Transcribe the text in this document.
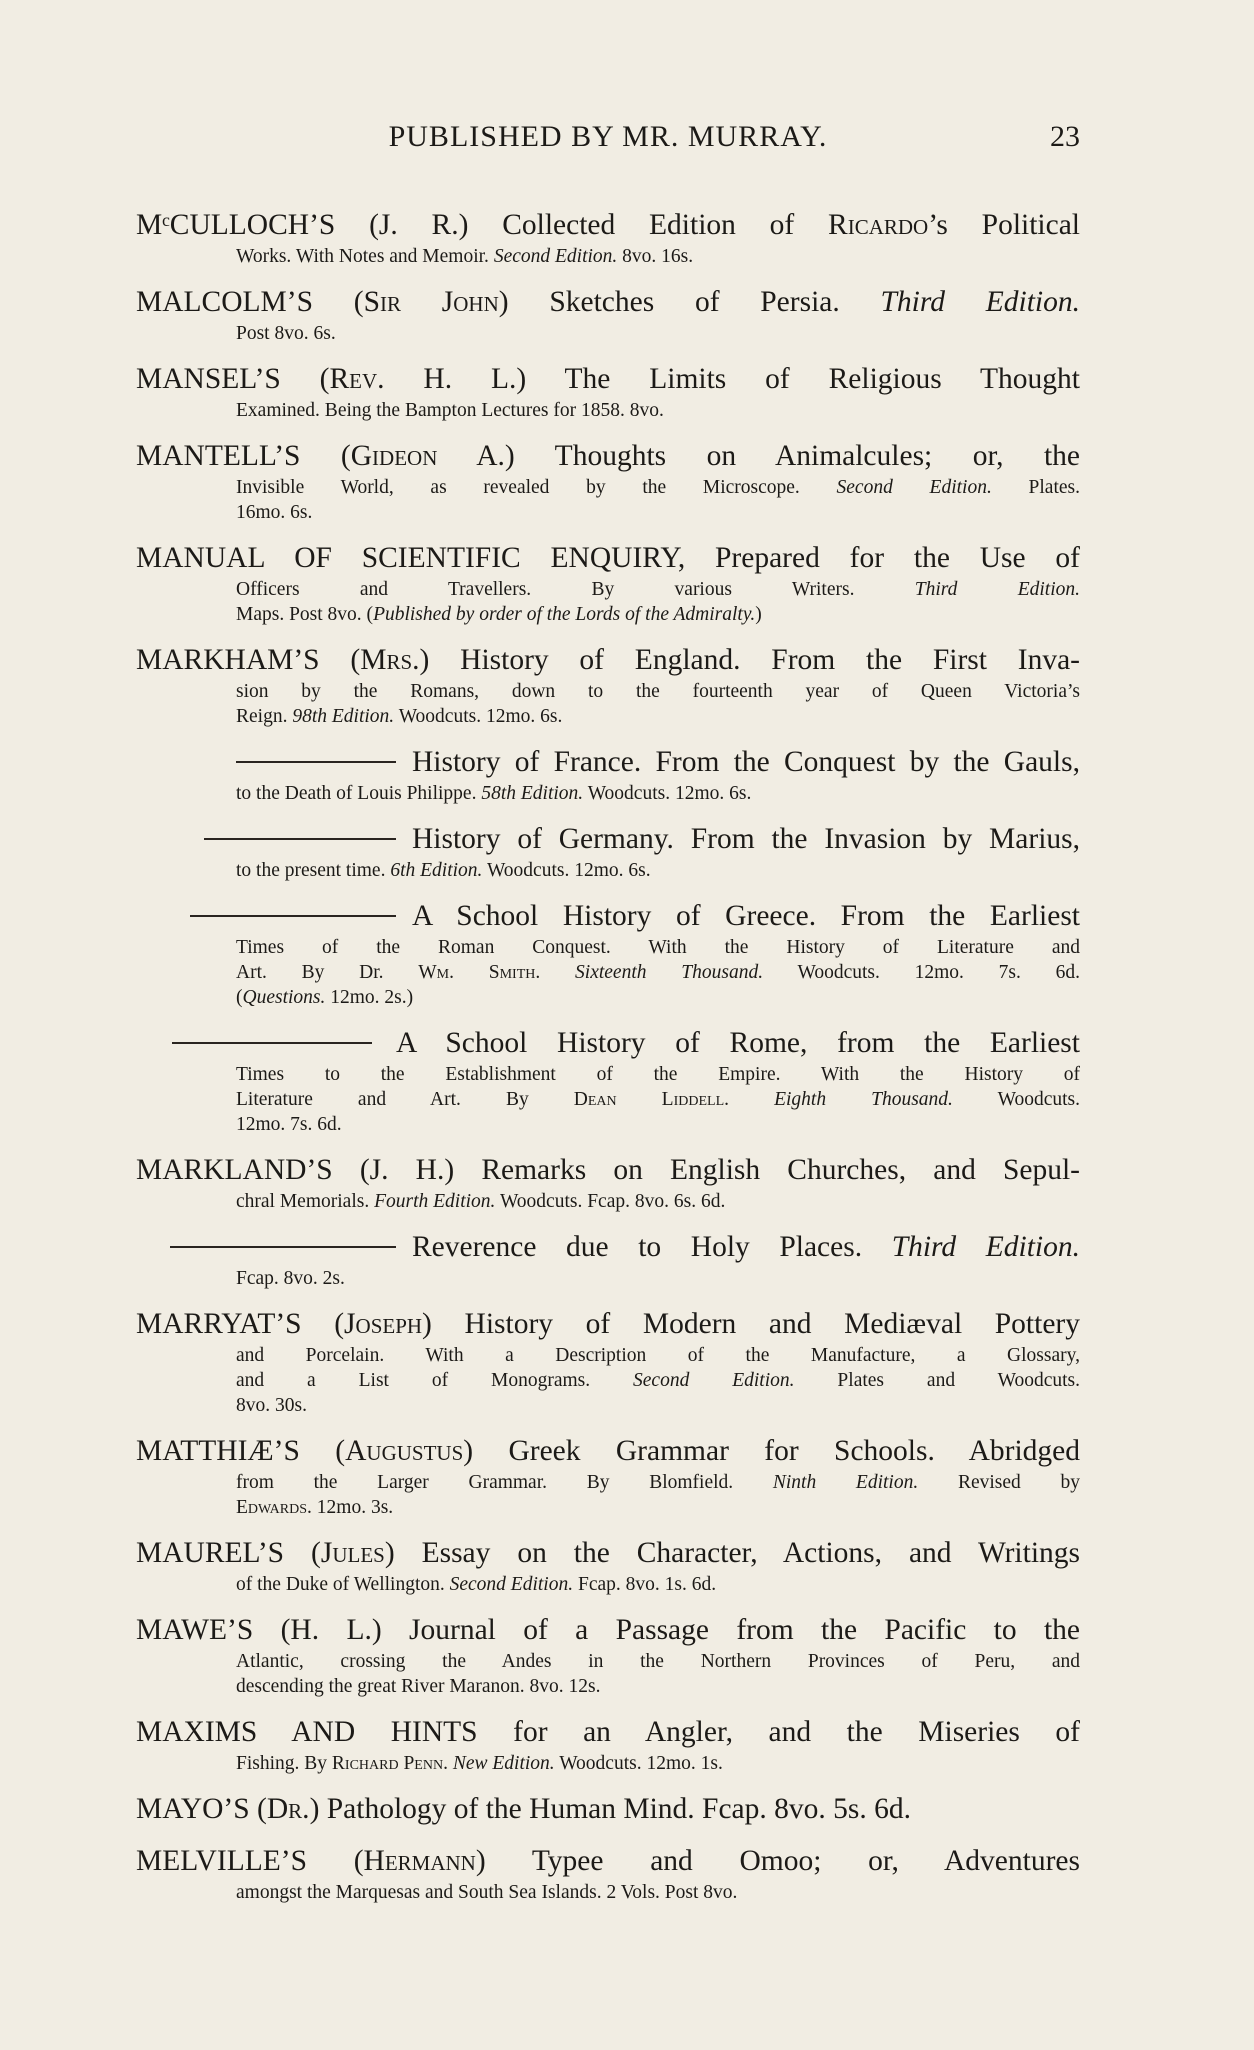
PUBLISHED BY MR. MURRAY.	23
MᶜCULLOCH’S (J. R.) Collected Edition of Ricardo’s Political
Works. With Notes and Memoir. Second Edition. 8vo. 16s.
MALCOLM’S (Sir John) Sketches of Persia. Third Edition.
Post 8vo. 6s.
MANSEL’S (Rev. H. L.) The Limits of Religious Thought
Examined. Being the Bampton Lectures for 1858. 8vo.
MANTELL’S (Gideon A.) Thoughts on Animalcules; or, the
Invisible World, as revealed by the Microscope. Second Edition. Plates.
16mo. 6s.
MANUAL OF SCIENTIFIC ENQUIRY, Prepared for the Use of
Officers and Travellers. By various Writers. Third Edition.
Maps. Post 8vo. (Published by order of the Lords of the Admiralty.)
MARKHAM’S (Mrs.) History of England. From the First Inva-
sion by the Romans, down to the fourteenth year of Queen Victoria’s
Reign. 98th Edition. Woodcuts. 12mo. 6s.
History of France. From the Conquest by the Gauls,
to the Death of Louis Philippe. 58th Edition. Woodcuts. 12mo. 6s.
History of Germany. From the Invasion by Marius,
to the present time. 6th Edition. Woodcuts. 12mo. 6s.
A School History of Greece. From the Earliest
Times of the Roman Conquest. With the History of Literature and
Art. By Dr. Wm. Smith. Sixteenth Thousand. Woodcuts. 12mo. 7s. 6d.
(Questions. 12mo. 2s.)
A School History of Rome, from the Earliest
Times to the Establishment of the Empire. With the History of
Literature and Art. By Dean Liddell. Eighth Thousand. Woodcuts.
12mo. 7s. 6d.
MARKLAND’S (J. H.) Remarks on English Churches, and Sepul-
chral Memorials. Fourth Edition. Woodcuts. Fcap. 8vo. 6s. 6d.
Reverence due to Holy Places. Third Edition.
Fcap. 8vo. 2s.
MARRYAT’S (Joseph) History of Modern and Mediæval Pottery
and Porcelain. With a Description of the Manufacture, a Glossary,
and a List of Monograms. Second Edition. Plates and Woodcuts.
8vo. 30s.
MATTHIÆ’S (Augustus) Greek Grammar for Schools. Abridged
from the Larger Grammar. By Blomfield. Ninth Edition. Revised by
Edwards. 12mo. 3s.
MAUREL’S (Jules) Essay on the Character, Actions, and Writings
of the Duke of Wellington. Second Edition. Fcap. 8vo. 1s. 6d.
MAWE’S (H. L.) Journal of a Passage from the Pacific to the
Atlantic, crossing the Andes in the Northern Provinces of Peru, and
descending the great River Maranon. 8vo. 12s.
MAXIMS AND HINTS for an Angler, and the Miseries of
Fishing. By Richard Penn. New Edition. Woodcuts. 12mo. 1s.
MAYO’S (Dr.) Pathology of the Human Mind. Fcap. 8vo. 5s. 6d.
MELVILLE’S (Hermann) Typee and Omoo; or, Adventures
amongst the Marquesas and South Sea Islands. 2 Vols. Post 8vo.
